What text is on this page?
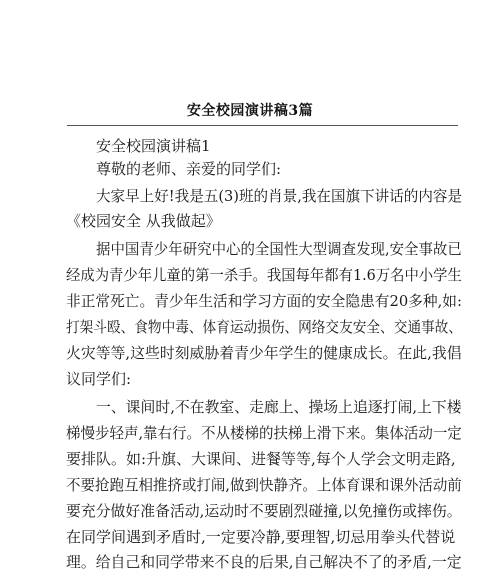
安全校园演讲稿3篇
安全校园演讲稿1
尊敬的老师、亲爱的同学们:
大家早上好!我是五(3)班的肖景,我在国旗下讲话的内容是
《校园安全 从我做起》
据中国青少年研究中心的全国性大型调查发现,安全事故已
经成为青少年儿童的第一杀手。我国每年都有1.6万名中小学生
非正常死亡。青少年生活和学习方面的安全隐患有20多种,如:
打架斗殴、食物中毒、体育运动损伤、网络交友安全、交通事故、
火灾等等,这些时刻威胁着青少年学生的健康成长。在此,我倡
议同学们:
一、课间时,不在教室、走廊上、操场上追逐打闹,上下楼
梯慢步轻声,靠右行。不从楼梯的扶梯上滑下来。集体活动一定
要排队。如:升旗、大课间、进餐等等,每个人学会文明走路,
不要抢跑互相推挤或打闹,做到快静齐。上体育课和课外活动前
要充分做好准备活动,运动时不要剧烈碰撞,以免撞伤或摔伤。
在同学间遇到矛盾时,一定要冷静,要理智,切忌用拳头代替说
理。给自己和同学带来不良的后果,自己解决不了的矛盾,一定
